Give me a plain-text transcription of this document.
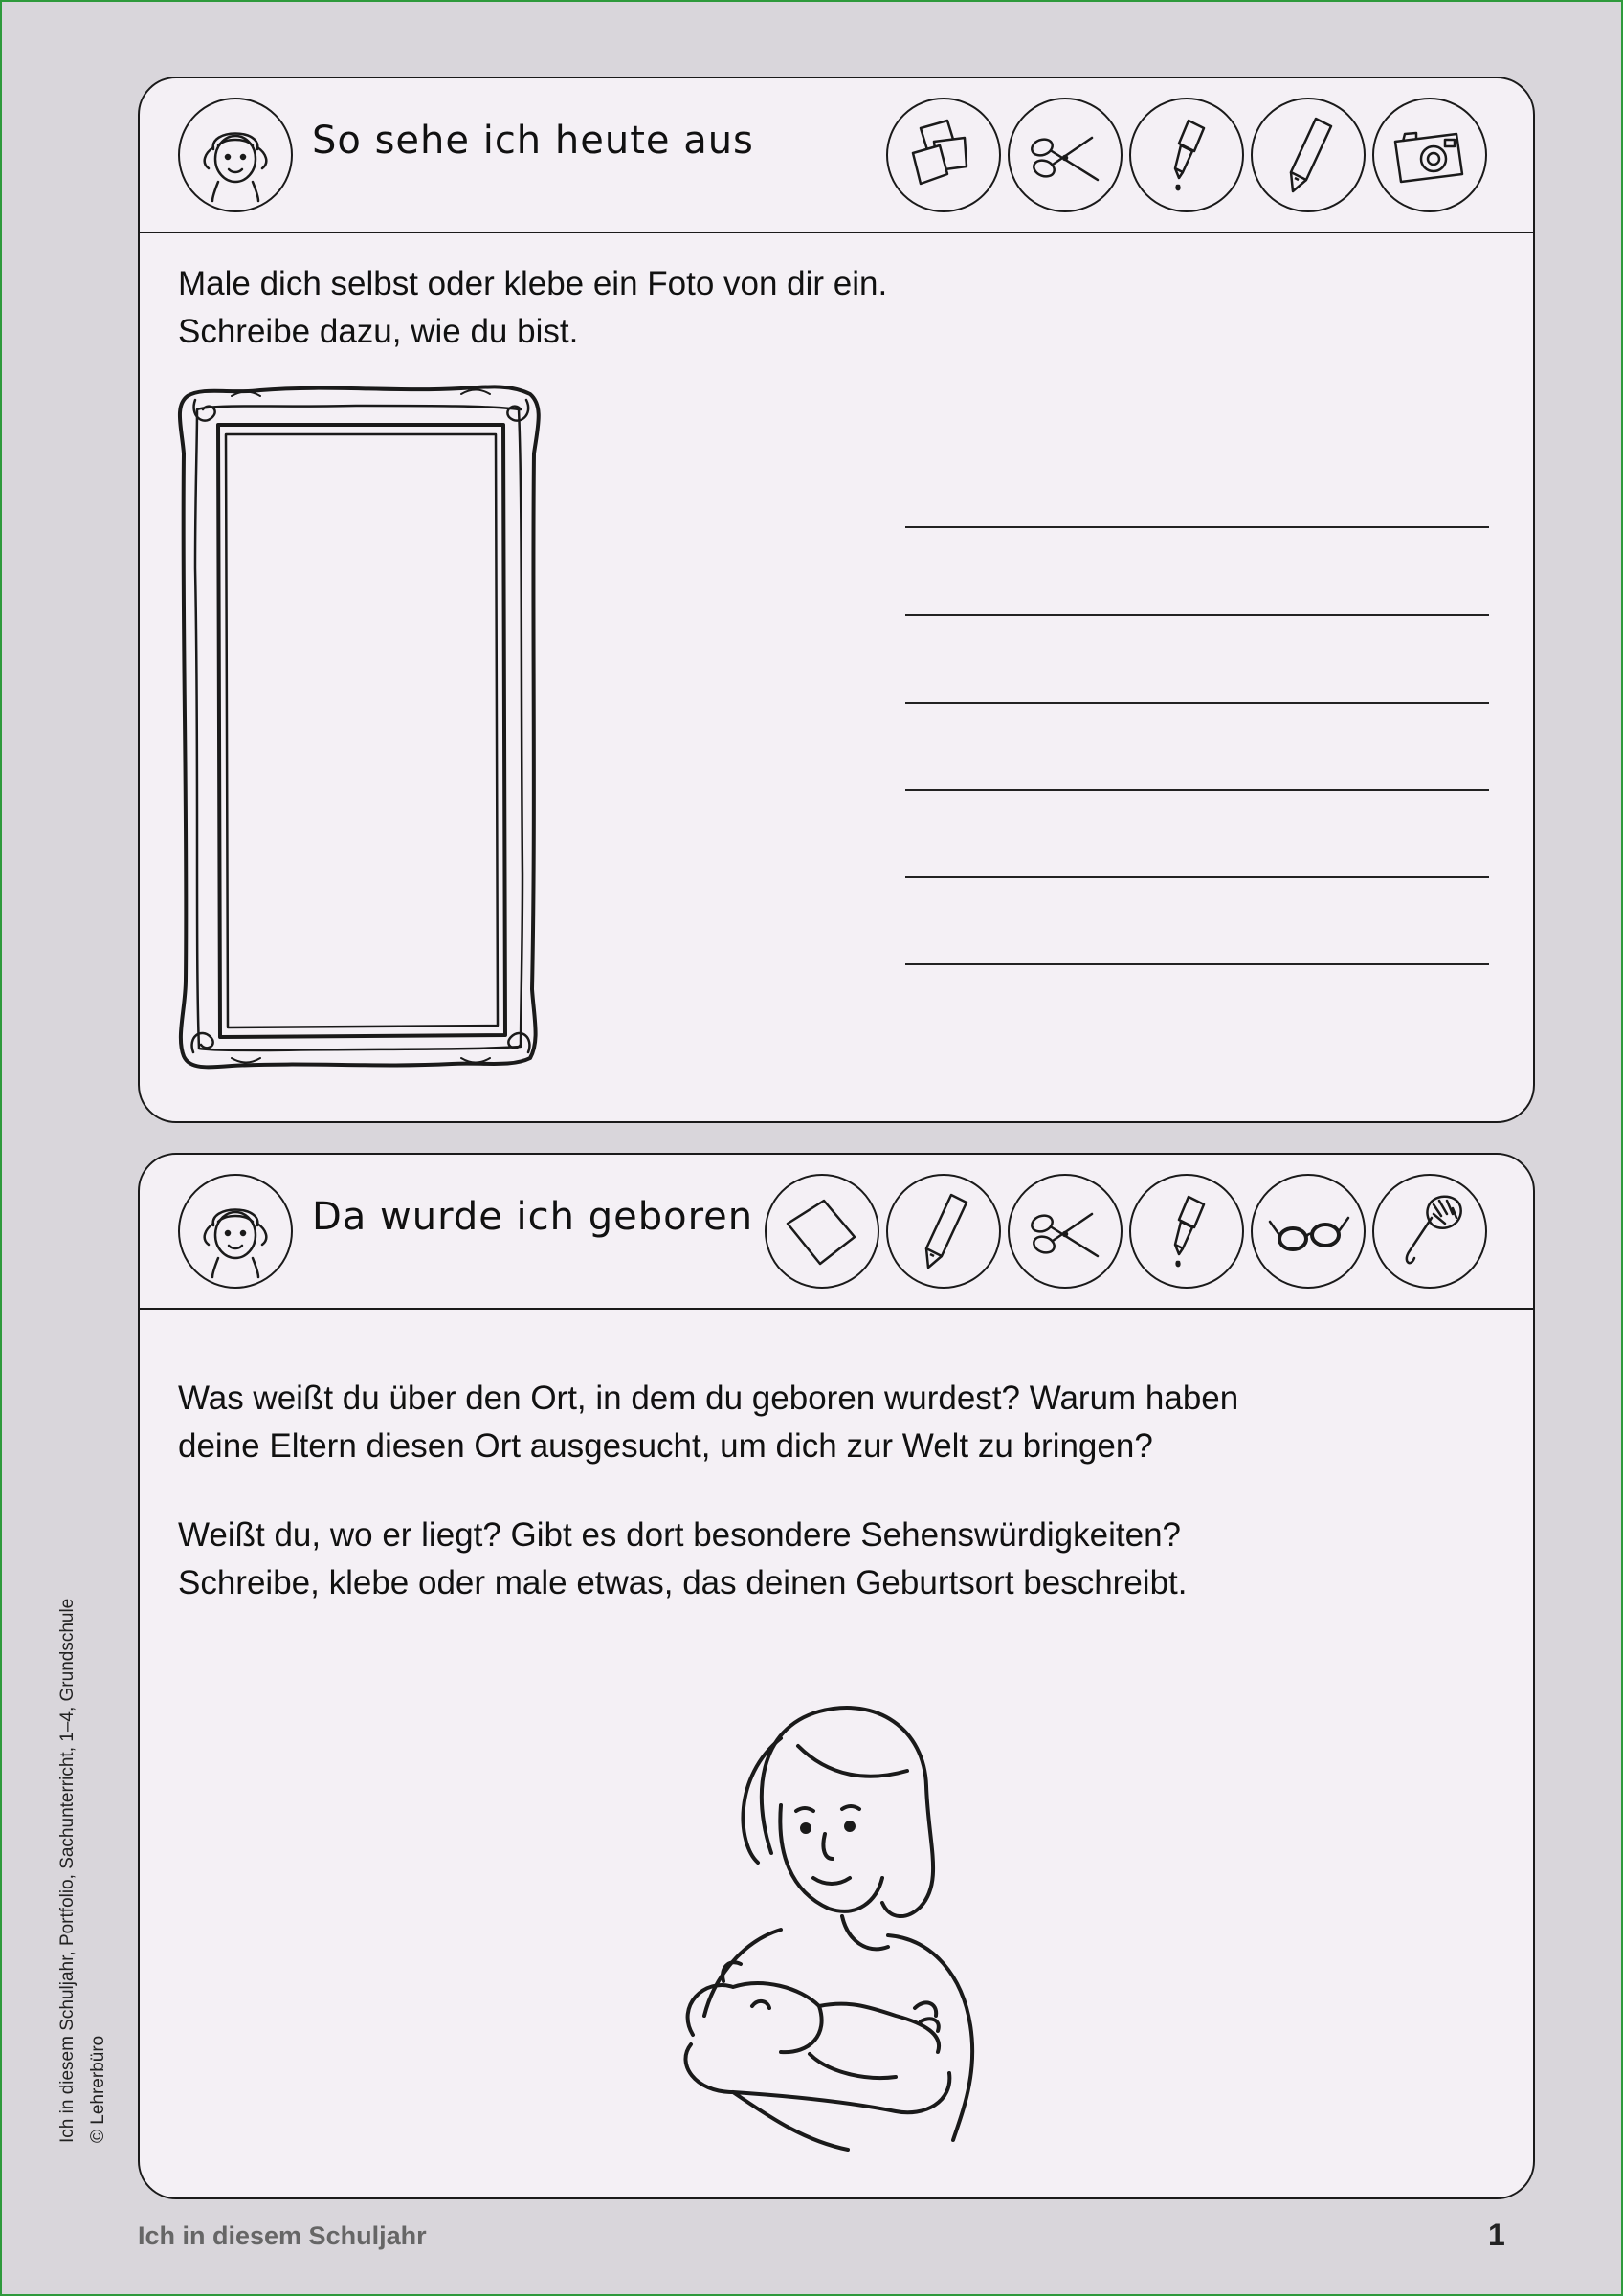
So sehe ich heute aus
Male dich selbst oder klebe ein Foto von dir ein.
Schreibe dazu, wie du bist.
Da wurde ich geboren
Was weißt du über den Ort, in dem du geboren wurdest? Warum haben
deine Eltern diesen Ort ausgesucht, um dich zur Welt zu bringen?
Weißt du, wo er liegt? Gibt es dort besondere Sehenswürdigkeiten?
Schreibe, klebe oder male etwas, das deinen Geburtsort beschreibt.
Ich in diesem Schuljahr, Portfolio, Sachunterricht, 1–4, Grundschule © Lehrerbüro
Ich in diesem Schuljahr	1
